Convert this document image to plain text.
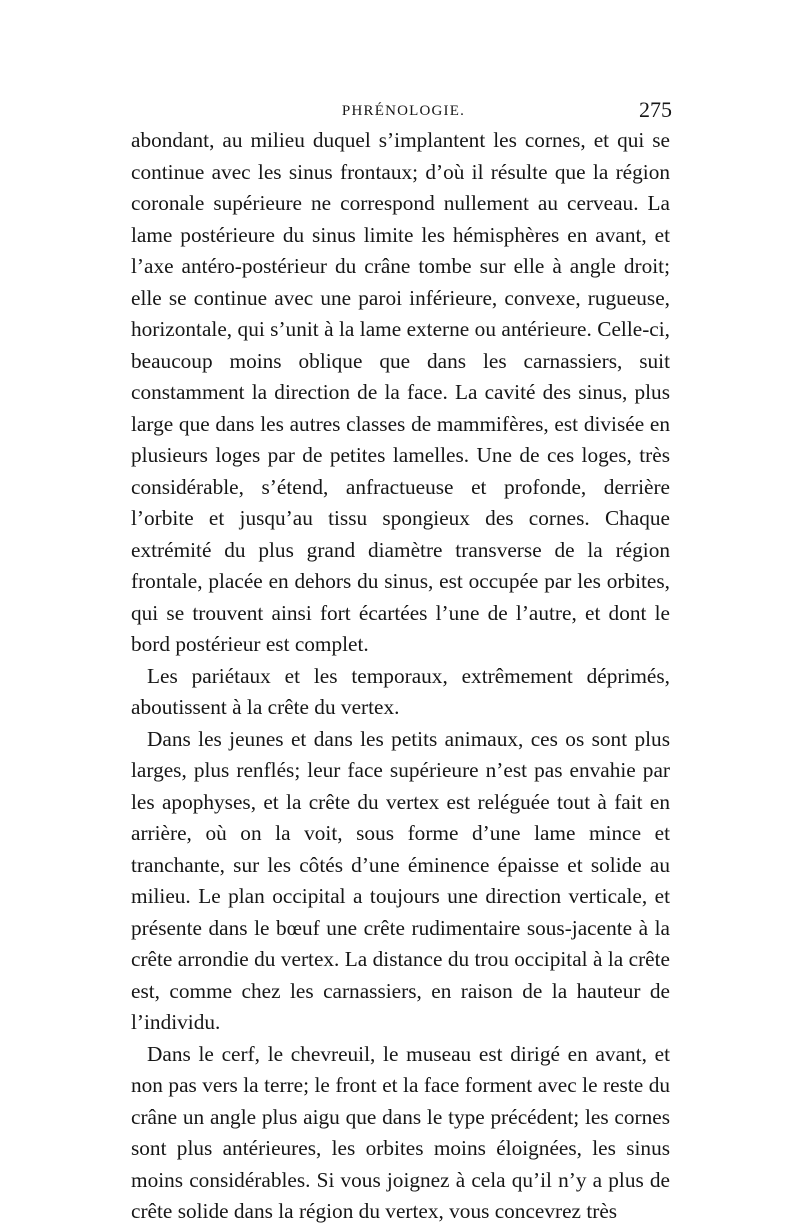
PHRÉNOLOGIE.	275

abondant, au milieu duquel s’implantent les cornes, et qui se continue avec les sinus frontaux; d’où il résulte que la région coronale supérieure ne correspond nullement au cerveau. La lame postérieure du sinus limite les hémisphères en avant, et l’axe antéro-postérieur du crâne tombe sur elle à angle droit; elle se continue avec une paroi inférieure, convexe, rugueuse, horizontale, qui s’unit à la lame externe ou antérieure. Celle-ci, beaucoup moins oblique que dans les carnassiers, suit constamment la direction de la face. La cavité des sinus, plus large que dans les autres classes de mammifères, est divisée en plusieurs loges par de petites lamelles. Une de ces loges, très considérable, s’étend, anfractueuse et profonde, derrière l’orbite et jusqu’au tissu spongieux des cornes. Chaque extrémité du plus grand diamètre transverse de la région frontale, placée en dehors du sinus, est occupée par les orbites, qui se trouvent ainsi fort écartées l’une de l’autre, et dont le bord postérieur est complet.

Les pariétaux et les temporaux, extrêmement déprimés, aboutissent à la crête du vertex.

Dans les jeunes et dans les petits animaux, ces os sont plus larges, plus renflés; leur face supérieure n’est pas envahie par les apophyses, et la crête du vertex est reléguée tout à fait en arrière, où on la voit, sous forme d’une lame mince et tranchante, sur les côtés d’une éminence épaisse et solide au milieu. Le plan occipital a toujours une direction verticale, et présente dans le bœuf une crête rudimentaire sous-jacente à la crête arrondie du vertex. La distance du trou occipital à la crête est, comme chez les carnassiers, en raison de la hauteur de l’individu.

Dans le cerf, le chevreuil, le museau est dirigé en avant, et non pas vers la terre; le front et la face forment avec le reste du crâne un angle plus aigu que dans le type précédent; les cornes sont plus antérieures, les orbites moins éloignées, les sinus moins considérables. Si vous joignez à cela qu’il n’y a plus de crête solide dans la région du vertex, vous concevrez très
